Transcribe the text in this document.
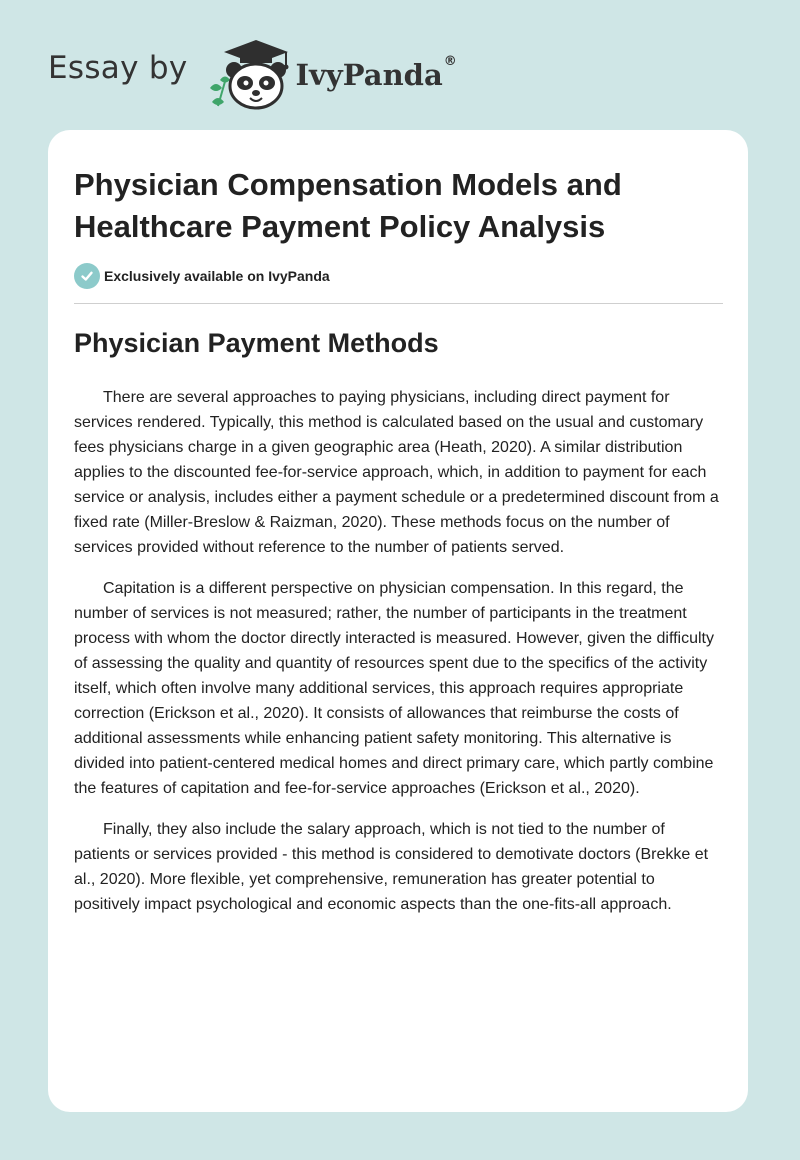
Essay by	IvyPanda®
Physician Compensation Models and Healthcare Payment Policy Analysis
Exclusively available on IvyPanda
Physician Payment Methods

There are several approaches to paying physicians, including direct payment for services rendered. Typically, this method is calculated based on the usual and customary fees physicians charge in a given geographic area (Heath, 2020). A similar distribution applies to the discounted fee-for-service approach, which, in addition to payment for each service or analysis, includes either a payment schedule or a predetermined discount from a fixed rate (Miller-Breslow & Raizman, 2020). These methods focus on the number of services provided without reference to the number of patients served.

Capitation is a different perspective on physician compensation. In this regard, the number of services is not measured; rather, the number of participants in the treatment process with whom the doctor directly interacted is measured. However, given the difficulty of assessing the quality and quantity of resources spent due to the specifics of the activity itself, which often involve many additional services, this approach requires appropriate correction (Erickson et al., 2020). It consists of allowances that reimburse the costs of additional assessments while enhancing patient safety monitoring. This alternative is divided into patient-centered medical homes and direct primary care, which partly combine the features of capitation and fee-for-service approaches (Erickson et al., 2020).

Finally, they also include the salary approach, which is not tied to the number of patients or services provided - this method is considered to demotivate doctors (Brekke et al., 2020). More flexible, yet comprehensive, remuneration has greater potential to positively impact psychological and economic aspects than the one-fits-all approach.
